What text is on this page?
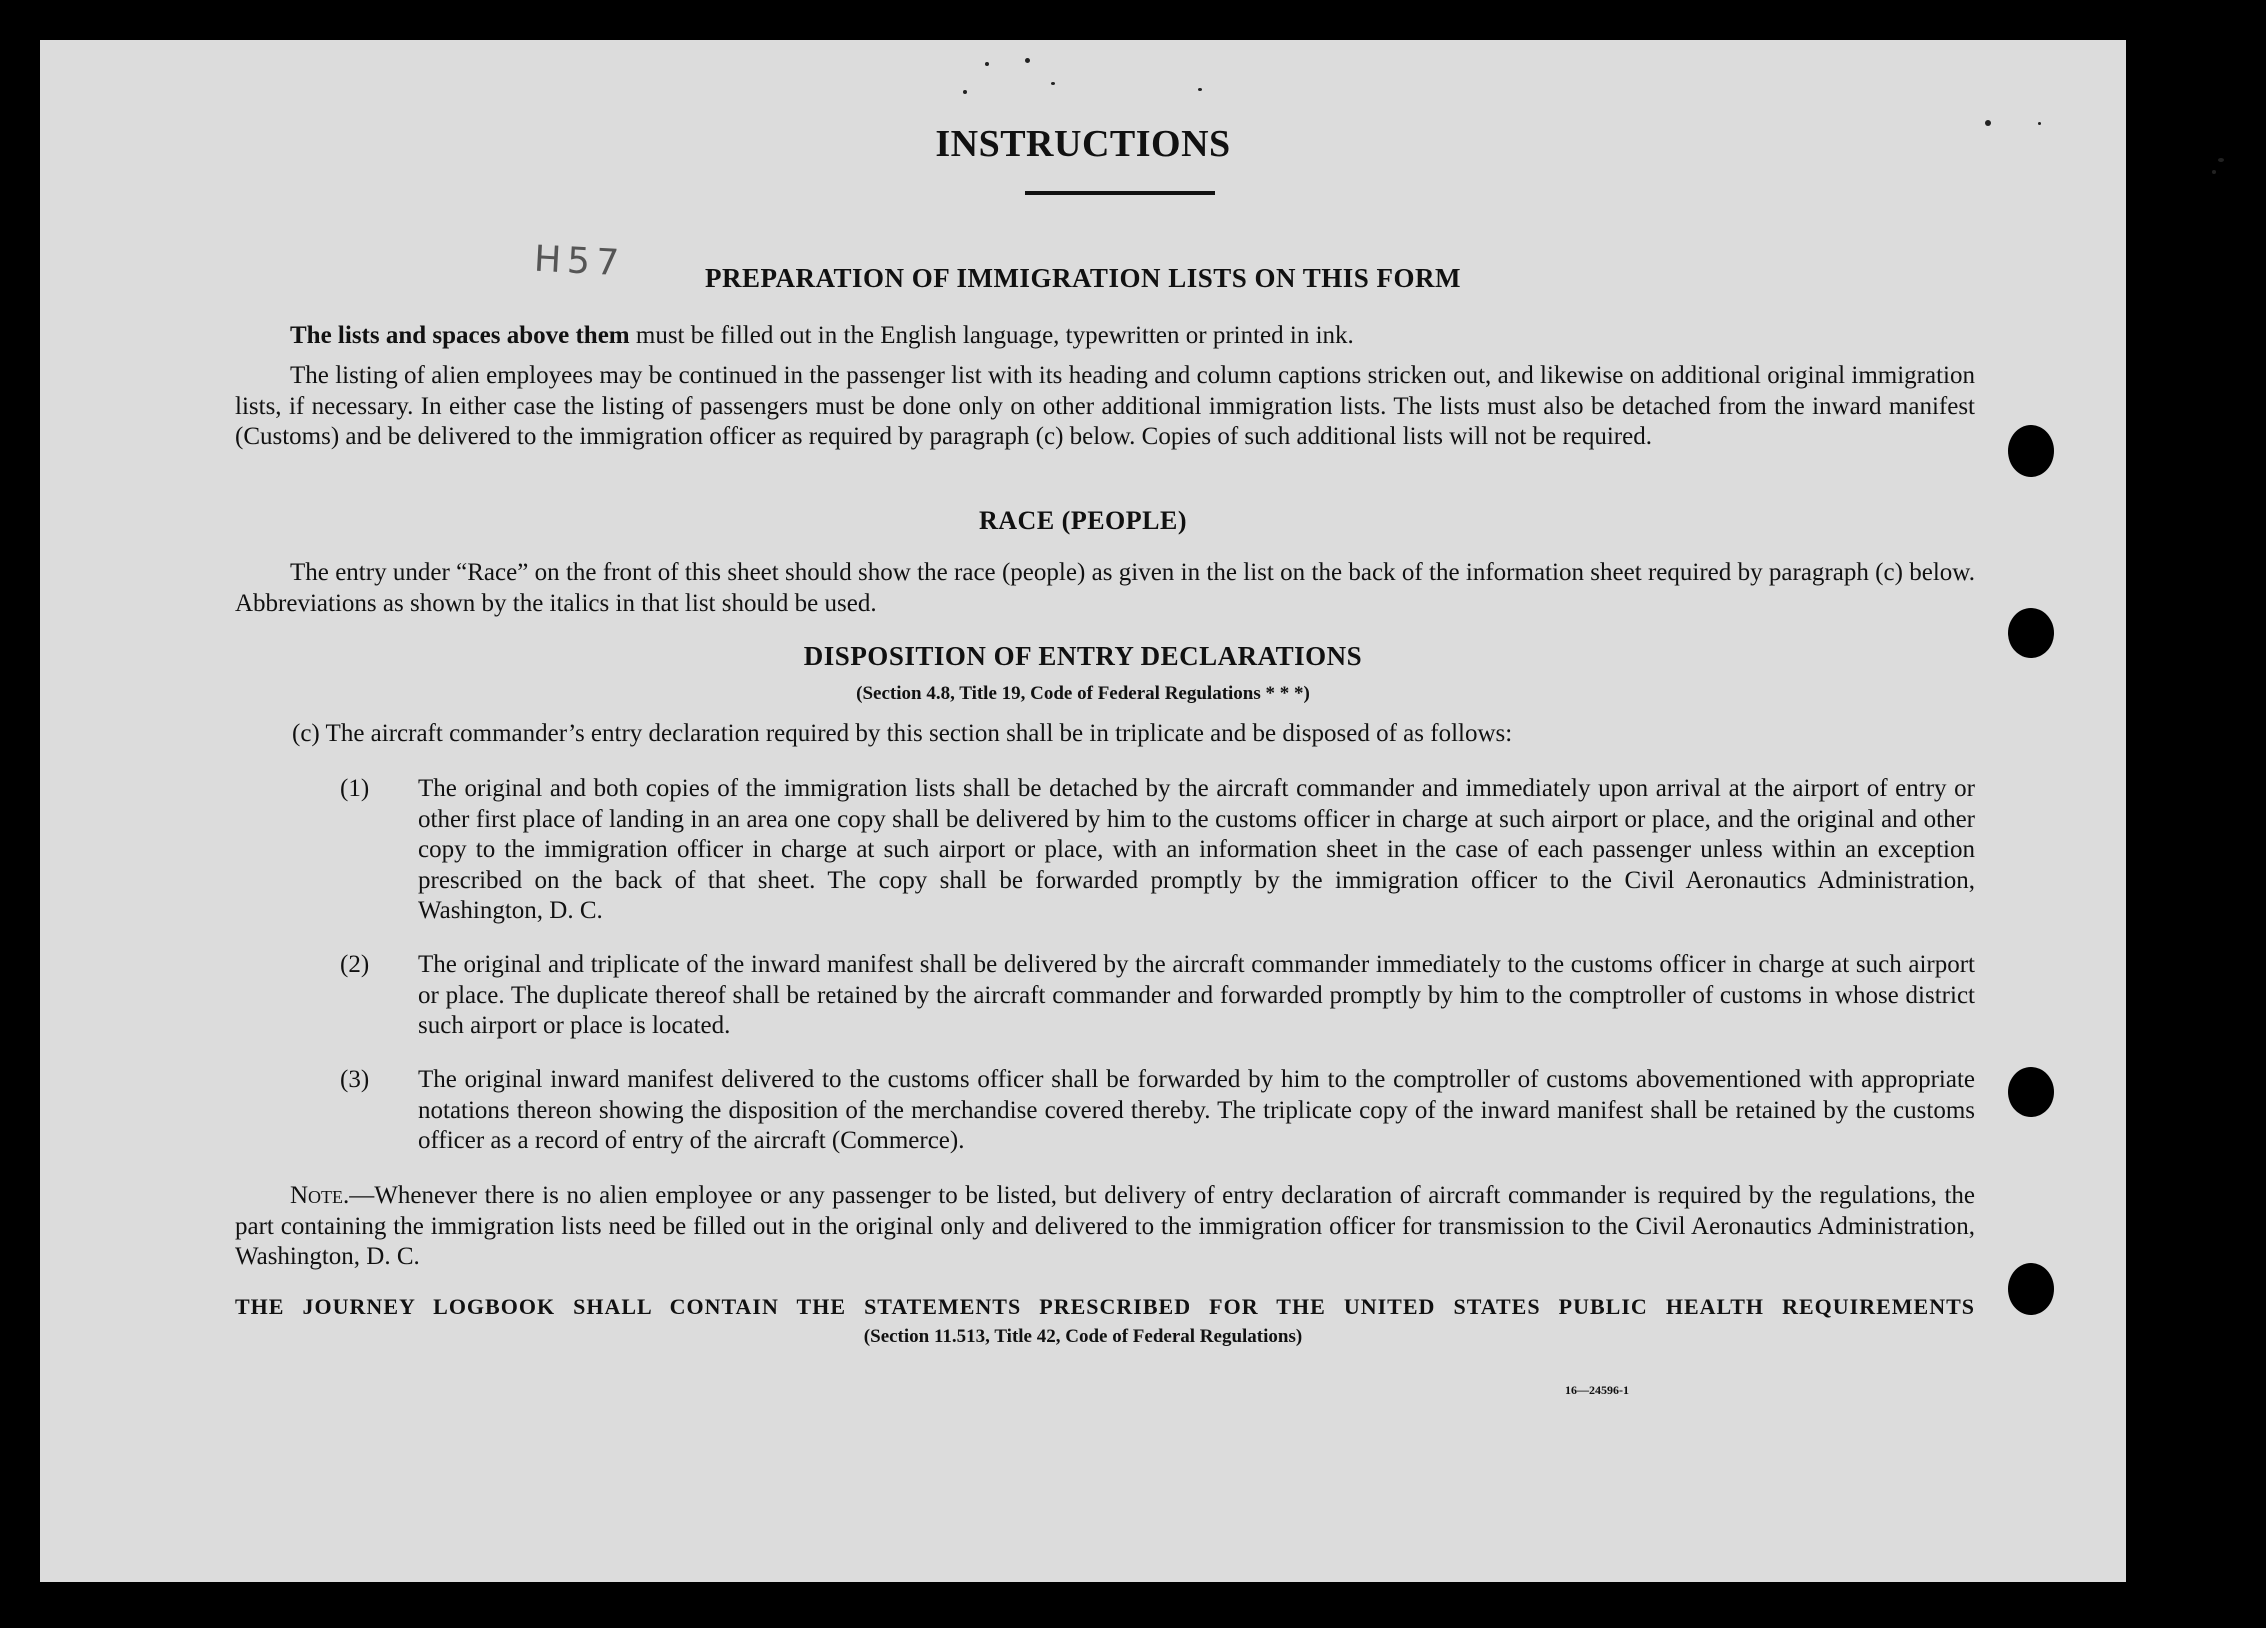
INSTRUCTIONS
H57	PREPARATION OF IMMIGRATION LISTS ON THIS FORM
The lists and spaces above them must be filled out in the English language, typewritten or printed in ink.
The listing of alien employees may be continued in the passenger list with its heading and column captions stricken out, and likewise on additional original immigration lists, if necessary. In either case the listing of passengers must be done only on other additional immigration lists. The lists must also be detached from the inward manifest (Customs) and be delivered to the immigration officer as required by paragraph (c) below. Copies of such additional lists will not be required.
RACE (PEOPLE)
The entry under “Race” on the front of this sheet should show the race (people) as given in the list on the back of the information sheet required by paragraph (c) below. Abbreviations as shown by the italics in that list should be used.
DISPOSITION OF ENTRY DECLARATIONS
(Section 4.8, Title 19, Code of Federal Regulations * * *)
(c) The aircraft commander’s entry declaration required by this section shall be in triplicate and be disposed of as follows:
(1) The original and both copies of the immigration lists shall be detached by the aircraft commander and immediately upon arrival at the airport of entry or other first place of landing in an area one copy shall be delivered by him to the customs officer in charge at such airport or place, and the original and other copy to the immigration officer in charge at such airport or place, with an information sheet in the case of each passenger unless within an exception prescribed on the back of that sheet. The copy shall be forwarded promptly by the immigration officer to the Civil Aeronautics Administration, Washington, D. C.
(2) The original and triplicate of the inward manifest shall be delivered by the aircraft commander immediately to the customs officer in charge at such airport or place. The duplicate thereof shall be retained by the aircraft commander and forwarded promptly by him to the comptroller of customs in whose district such airport or place is located.
(3) The original inward manifest delivered to the customs officer shall be forwarded by him to the comptroller of customs abovementioned with appropriate notations thereon showing the disposition of the merchandise covered thereby. The triplicate copy of the inward manifest shall be retained by the customs officer as a record of entry of the aircraft (Commerce).
Note.—Whenever there is no alien employee or any passenger to be listed, but delivery of entry declaration of aircraft commander is required by the regulations, the part containing the immigration lists need be filled out in the original only and delivered to the immigration officer for transmission to the Civil Aeronautics Administration, Washington, D. C.
THE JOURNEY LOGBOOK SHALL CONTAIN THE STATEMENTS PRESCRIBED FOR THE UNITED STATES PUBLIC HEALTH REQUIREMENTS
(Section 11.513, Title 42, Code of Federal Regulations)
16—24596-1
